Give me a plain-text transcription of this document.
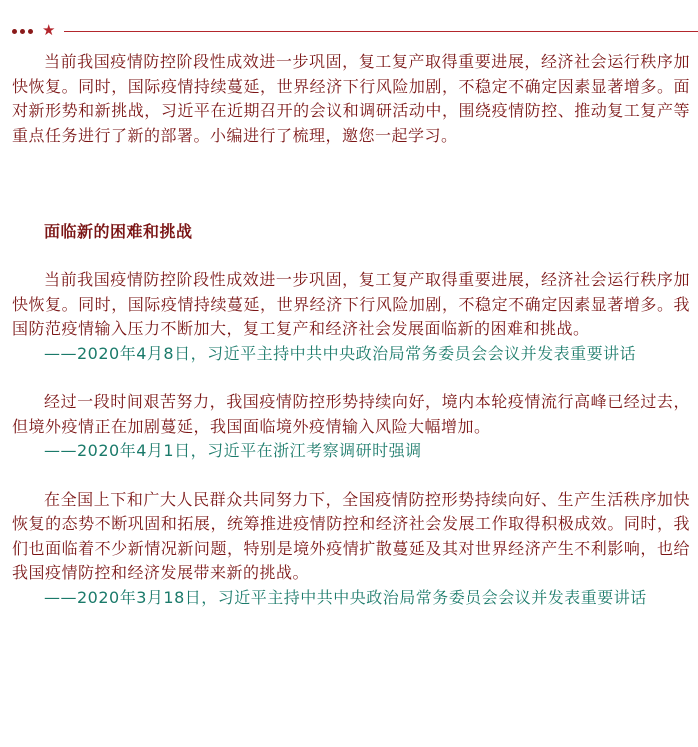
★

当前我国疫情防控阶段性成效进一步巩固，复工复产取得重要进展，经济社会运行秩序加快恢复。同时，国际疫情持续蔓延，世界经济下行风险加剧，不稳定不确定因素显著增多。面对新形势和新挑战，习近平在近期召开的会议和调研活动中，围绕疫情防控、推动复工复产等重点任务进行了新的部署。小编进行了梳理，邀您一起学习。

面临新的困难和挑战

当前我国疫情防控阶段性成效进一步巩固，复工复产取得重要进展，经济社会运行秩序加快恢复。同时，国际疫情持续蔓延，世界经济下行风险加剧，不稳定不确定因素显著增多。我国防范疫情输入压力不断加大，复工复产和经济社会发展面临新的困难和挑战。

——2020年4月8日，习近平主持中共中央政治局常务委员会会议并发表重要讲话

经过一段时间艰苦努力，我国疫情防控形势持续向好，境内本轮疫情流行高峰已经过去，但境外疫情正在加剧蔓延，我国面临境外疫情输入风险大幅增加。

——2020年4月1日，习近平在浙江考察调研时强调

在全国上下和广大人民群众共同努力下，全国疫情防控形势持续向好、生产生活秩序加快恢复的态势不断巩固和拓展，统筹推进疫情防控和经济社会发展工作取得积极成效。同时，我们也面临着不少新情况新问题，特别是境外疫情扩散蔓延及其对世界经济产生不利影响，也给我国疫情防控和经济发展带来新的挑战。

——2020年3月18日，习近平主持中共中央政治局常务委员会会议并发表重要讲话
